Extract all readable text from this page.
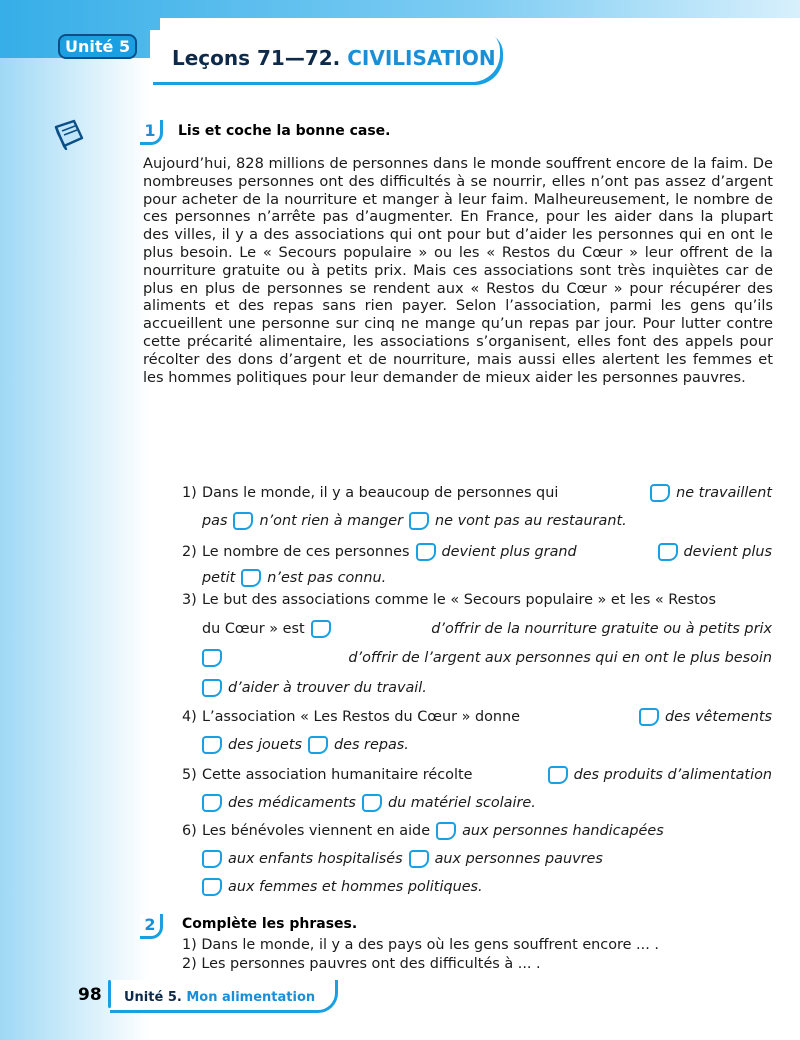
Unité 5	Leçons 71—72. CIVILISATION
1	Lis et coche la bonne case.

Aujourd’hui, 828 millions de personnes dans le monde souffrent encore de la faim. De nombreuses personnes ont des difficultés à se nourrir, elles n’ont pas assez d’argent pour acheter de la nourriture et manger à leur faim. Malheureusement, le nombre de ces personnes n’arrête pas d’augmenter. En France, pour les aider dans la plupart des villes, il y a des associations qui ont pour but d’aider les personnes qui en ont le plus besoin. Le « Secours populaire » ou les « Restos du Cœur » leur offrent de la nourriture gratuite ou à petits prix. Mais ces associations sont très inquiètes car de plus en plus de personnes se rendent aux « Restos du Cœur » pour récupérer des aliments et des repas sans rien payer. Selon l’association, parmi les gens qu’ils accueillent une personne sur cinq ne mange qu’un repas par jour. Pour lutter contre cette précarité alimentaire, les associations s’organisent, elles font des appels pour récolter des dons d’argent et de nourriture, mais aussi elles alertent les femmes et les hommes politiques pour leur demander de mieux aider les personnes pauvres.

1) Dans le monde, il y a beaucoup de personnes qui	ne travaillent
pas n’ont rien à manger ne vont pas au restaurant.
2) Le nombre de ces personnes devient plus grand	devient plus
petit n’est pas connu.
3) Le but des associations comme le « Secours populaire » et les « Restos
du Cœur » est	d’offrir de la nourriture gratuite ou à petits prix
d’offrir de l’argent aux personnes qui en ont le plus besoin
d’aider à trouver du travail.
4) L’association « Les Restos du Cœur » donne	des vêtements
des jouets des repas.
5) Cette association humanitaire récolte	des produits d’alimentation
des médicaments du matériel scolaire.
6) Les bénévoles viennent en aide aux personnes handicapées
aux enfants hospitalisés aux personnes pauvres
aux femmes et hommes politiques.
2	Complète les phrases.
1) Dans le monde, il y a des pays où les gens souffrent encore ... .
2) Les personnes pauvres ont des difficultés à ... .
98 Unité 5. Mon alimentation
